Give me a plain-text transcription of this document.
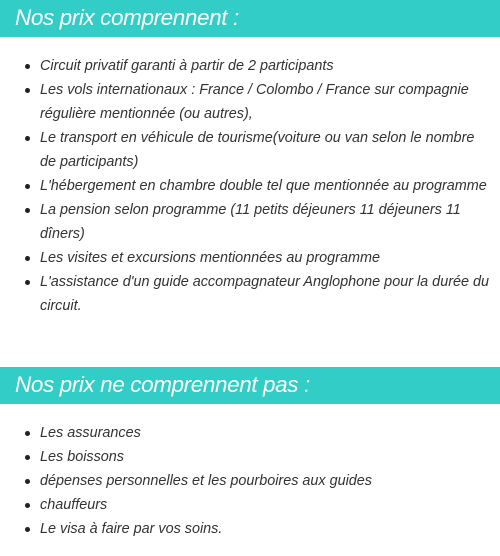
Nos prix comprennent :
Circuit privatif garanti à partir de 2 participants
Les vols internationaux : France / Colombo / France sur compagnie régulière mentionnée (ou autres),
Le transport en véhicule de tourisme(voiture ou van selon le nombre de participants)
L'hébergement en chambre double tel que mentionnée au programme
La pension selon programme (11 petits déjeuners 11 déjeuners 11 dîners)
Les visites et excursions mentionnées au programme
L'assistance d'un guide accompagnateur Anglophone pour la durée du circuit.
Nos prix ne comprennent pas :
Les assurances
Les boissons
dépenses personnelles et les pourboires aux guides
chauffeurs
Le visa à faire par vos soins.
